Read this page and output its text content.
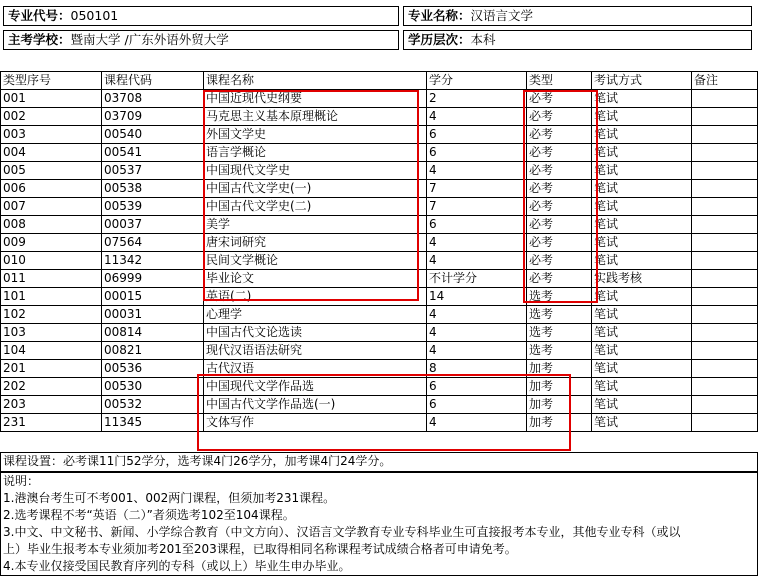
专业代号：050101	专业名称：汉语言文学
主考学校：暨南大学 /广东外语外贸大学	学历层次：本科
类型序号	课程代码	课程名称	学分	类型	考试方式	备注
001	03708	中国近现代史纲要	2	必考	笔试	
002	03709	马克思主义基本原理概论	4	必考	笔试	
003	00540	外国文学史	6	必考	笔试	
004	00541	语言学概论	6	必考	笔试	
005	00537	中国现代文学史	4	必考	笔试	
006	00538	中国古代文学史(一)	7	必考	笔试	
007	00539	中国古代文学史(二)	7	必考	笔试	
008	00037	美学	6	必考	笔试	
009	07564	唐宋词研究	4	必考	笔试	
010	11342	民间文学概论	4	必考	笔试	
011	06999	毕业论文	不计学分	必考	实践考核	
101	00015	英语(二)	14	选考	笔试	
102	00031	心理学	4	选考	笔试	
103	00814	中国古代文论选读	4	选考	笔试	
104	00821	现代汉语语法研究	4	选考	笔试	
201	00536	古代汉语	8	加考	笔试	
202	00530	中国现代文学作品选	6	加考	笔试	
203	00532	中国古代文学作品选(一)	6	加考	笔试	
231	11345	文体写作	4	加考	笔试	
课程设置：必考课11门52学分，选考课4门26学分，加考课4门24学分。
说明：
1.港澳台考生可不考001、002两门课程，但须加考231课程。
2.选考课程不考“英语（二）”者须选考102至104课程。
3.中文、中文秘书、新闻、小学综合教育（中文方向）、汉语言文学教育专业专科毕业生可直接报考本专业，其他专业专科（或以
上）毕业生报考本专业须加考201至203课程，已取得相同名称课程考试成绩合格者可申请免考。
4.本专业仅接受国民教育序列的专科（或以上）毕业生申办毕业。
